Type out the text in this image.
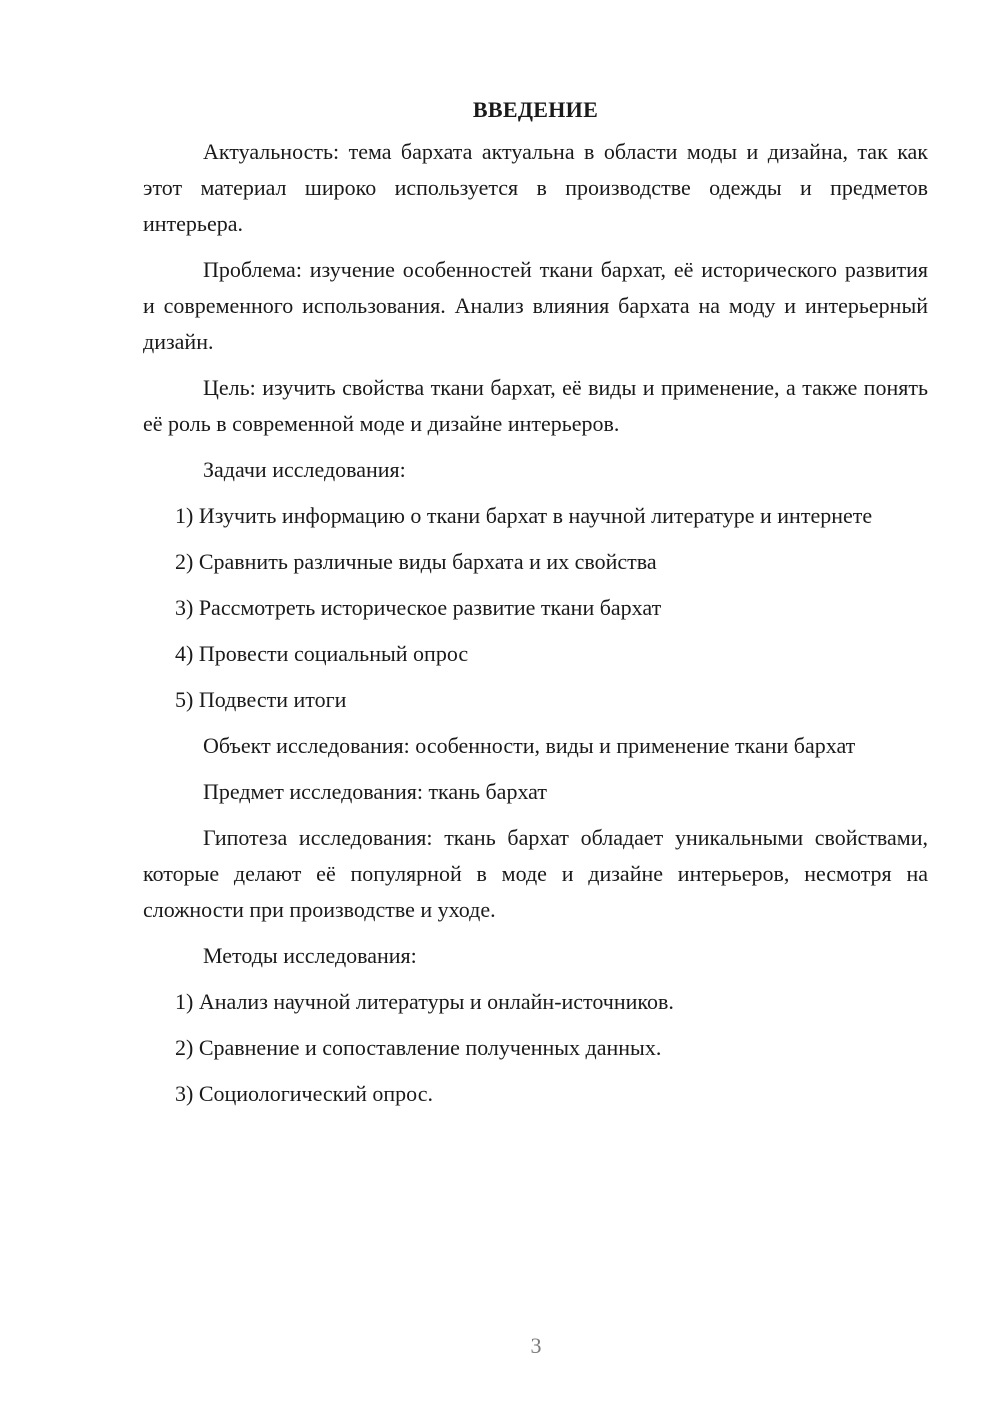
ВВЕДЕНИЕ

Актуальность: тема бархата актуальна в области моды и дизайна, так как этот материал широко используется в производстве одежды и предметов интерьера.

Проблема: изучение особенностей ткани бархат, её исторического развития и современного использования. Анализ влияния бархата на моду и интерьерный дизайн.

Цель: изучить свойства ткани бархат, её виды и применение, а также понять её роль в современной моде и дизайне интерьеров.

Задачи исследования:

1) Изучить информацию о ткани бархат в научной литературе и интернете

2) Сравнить различные виды бархата и их свойства

3) Рассмотреть историческое развитие ткани бархат

4) Провести социальный опрос

5) Подвести итоги

Объект исследования: особенности, виды и применение ткани бархат

Предмет исследования: ткань бархат

Гипотеза исследования: ткань бархат обладает уникальными свойствами, которые делают её популярной в моде и дизайне интерьеров, несмотря на сложности при производстве и уходе.

Методы исследования:

1) Анализ научной литературы и онлайн-источников.

2) Сравнение и сопоставление полученных данных.

3) Социологический опрос.

3
